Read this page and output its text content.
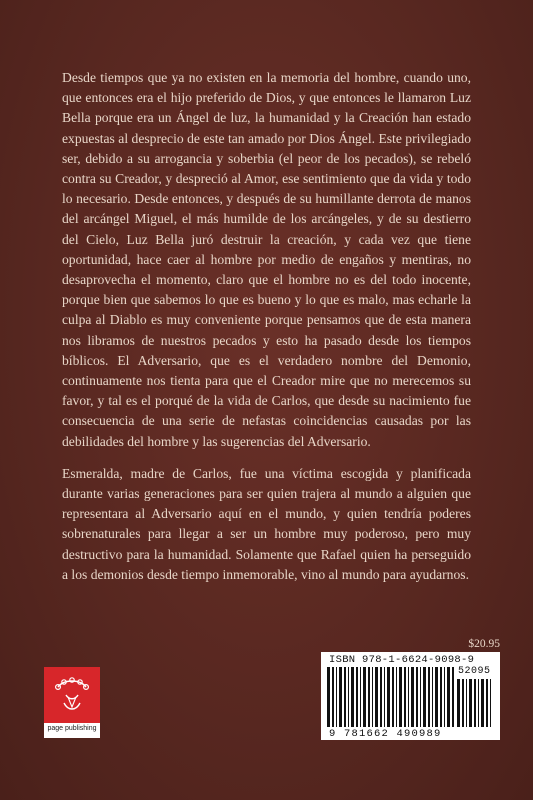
Desde tiempos que ya no existen en la memoria del hombre, cuando uno, que entonces era el hijo preferido de Dios, y que entonces le llamaron Luz Bella porque era un Ángel de luz, la humanidad y la Creación han estado expuestas al desprecio de este tan amado por Dios Ángel. Este privilegiado ser, debido a su arrogancia y soberbia (el peor de los pecados), se rebeló contra su Creador, y despreció al Amor, ese sentimiento que da vida y todo lo necesario. Desde entonces, y después de su humillante derrota de manos del arcángel Miguel, el más humilde de los arcángeles, y de su destierro del Cielo, Luz Bella juró destruir la creación, y cada vez que tiene oportunidad, hace caer al hombre por medio de engaños y mentiras, no desaprovecha el momento, claro que el hombre no es del todo inocente, porque bien que sabemos lo que es bueno y lo que es malo, mas echarle la culpa al Diablo es muy conveniente porque pensamos que de esta manera nos libramos de nuestros pecados y esto ha pasado desde los tiempos bíblicos. El Adversario, que es el verdadero nombre del Demonio, continuamente nos tienta para que el Creador mire que no merecemos su favor, y tal es el porqué de la vida de Carlos, que desde su nacimiento fue consecuencia de una serie de nefastas coincidencias causadas por las debilidades del hombre y las sugerencias del Adversario.

Esmeralda, madre de Carlos, fue una víctima escogida y planificada durante varias generaciones para ser quien trajera al mundo a alguien que representara al Adversario aquí en el mundo, y quien tendría poderes sobrenaturales para llegar a ser un hombre muy poderoso, pero muy destructivo para la humanidad. Solamente que Rafael quien ha perseguido a los demonios desde tiempo inmemorable, vino al mundo para ayudarnos.

page publishing
$20.95
ISBN 978-1-6624-9098-9
52095
9 781662 490989
